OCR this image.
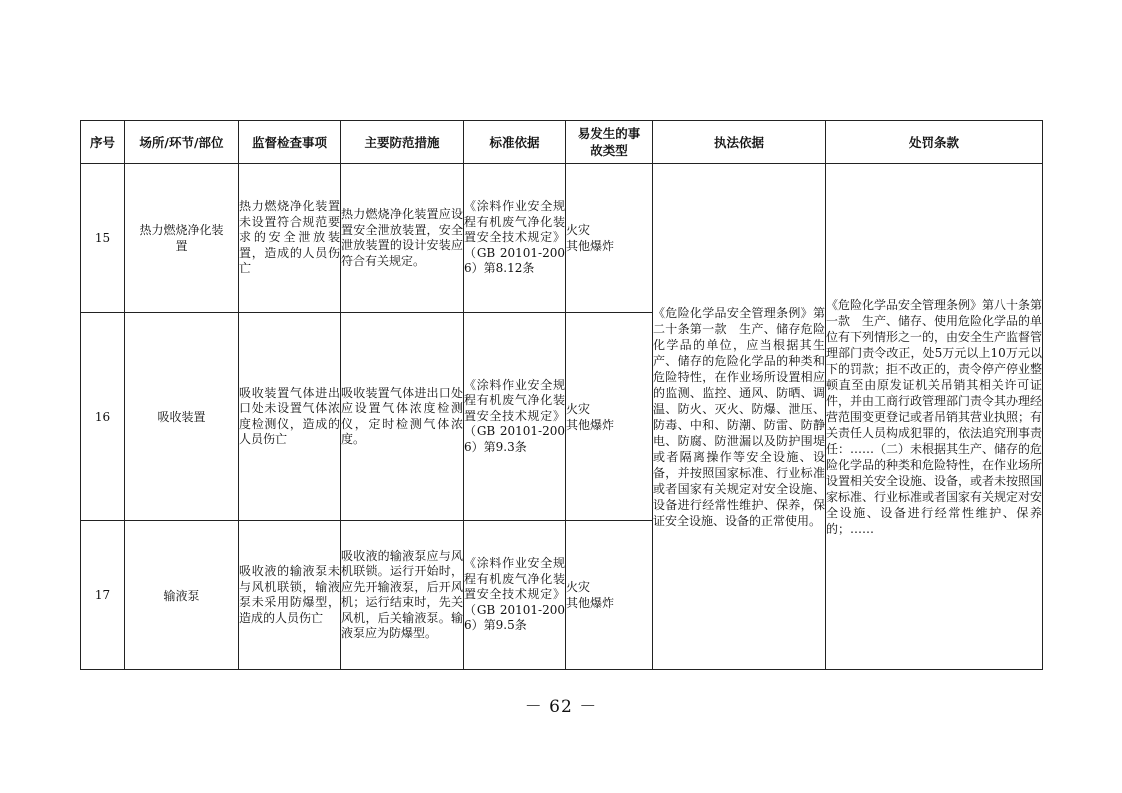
序号	场所/环节/部位	监督检查事项	主要防范措施	标准依据	易发生的事
故类型	执法依据	处罚条款
15	热力燃烧净化装
置	热力燃烧净化装置未设置符合规范要求的安全泄放装置，造成的人员伤亡	热力燃烧净化装置应设置安全泄放装置，安全泄放装置的设计安装应符合有关规定。	《涂料作业安全规程有机废气净化装置安全技术规定》（GB 20101-2006）第8.12条	火灾
其他爆炸	《危险化学品安全管理条例》第二十条第一款　生产、储存危险化学品的单位，应当根据其生产、储存的危险化学品的种类和危险特性，在作业场所设置相应的监测、监控、通风、防晒、调温、防火、灭火、防爆、泄压、防毒、中和、防潮、防雷、防静电、防腐、防泄漏以及防护围堤或者隔离操作等安全设施、设备，并按照国家标准、行业标准或者国家有关规定对安全设施、设备进行经常性维护、保养，保证安全设施、设备的正常使用。	《危险化学品安全管理条例》第八十条第一款　生产、储存、使用危险化学品的单位有下列情形之一的，由安全生产监督管理部门责令改正，处5万元以上10万元以下的罚款；拒不改正的，责令停产停业整顿直至由原发证机关吊销其相关许可证件，并由工商行政管理部门责令其办理经营范围变更登记或者吊销其营业执照；有关责任人员构成犯罪的，依法追究刑事责任：……（二）未根据其生产、储存的危险化学品的种类和危险特性，在作业场所设置相关安全设施、设备，或者未按照国家标准、行业标准或者国家有关规定对安全设施、设备进行经常性维护、保养的；……
16	吸收装置	吸收装置气体进出口处未设置气体浓度检测仪，造成的人员伤亡	吸收装置气体进出口处应设置气体浓度检测仪，定时检测气体浓度。	《涂料作业安全规程有机废气净化装置安全技术规定》（GB 20101-2006）第9.3条	火灾
其他爆炸		
17	输液泵	吸收液的输液泵未与风机联锁，输液泵未采用防爆型，造成的人员伤亡	吸收液的输液泵应与风机联锁。运行开始时，应先开输液泵，后开风机；运行结束时，先关风机，后关输液泵。输液泵应为防爆型。	《涂料作业安全规程有机废气净化装置安全技术规定》（GB 20101-2006）第9.5条	火灾
其他爆炸		
－ 62 －
